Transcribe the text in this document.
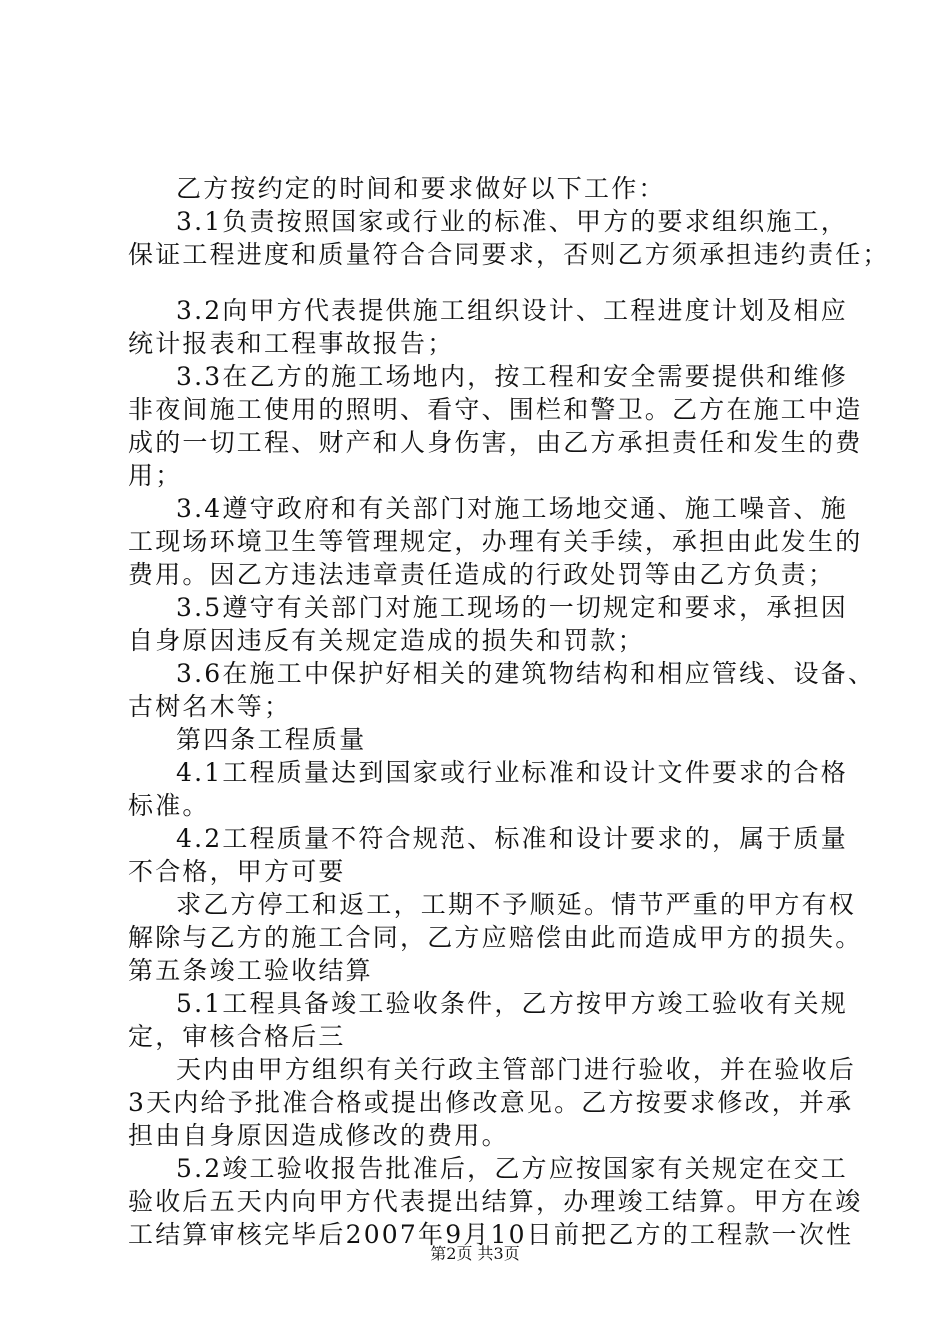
乙方按约定的时间和要求做好以下工作：
3.1负责按照国家或行业的标准、甲方的要求组织施工，
保证工程进度和质量符合合同要求，否则乙方须承担违约责任；
3.2向甲方代表提供施工组织设计、工程进度计划及相应
统计报表和工程事故报告；
3.3在乙方的施工场地内，按工程和安全需要提供和维修
非夜间施工使用的照明、看守、围栏和警卫。乙方在施工中造
成的一切工程、财产和人身伤害，由乙方承担责任和发生的费
用；
3.4遵守政府和有关部门对施工场地交通、施工噪音、施
工现场环境卫生等管理规定，办理有关手续，承担由此发生的
费用。因乙方违法违章责任造成的行政处罚等由乙方负责；
3.5遵守有关部门对施工现场的一切规定和要求，承担因
自身原因违反有关规定造成的损失和罚款；
3.6在施工中保护好相关的建筑物结构和相应管线、设备、
古树名木等；
第四条工程质量
4.1工程质量达到国家或行业标准和设计文件要求的合格
标准。
4.2工程质量不符合规范、标准和设计要求的，属于质量
不合格，甲方可要
求乙方停工和返工，工期不予顺延。情节严重的甲方有权
解除与乙方的施工合同，乙方应赔偿由此而造成甲方的损失。
第五条竣工验收结算
5.1工程具备竣工验收条件，乙方按甲方竣工验收有关规
定，审核合格后三
天内由甲方组织有关行政主管部门进行验收，并在验收后
3天内给予批准合格或提出修改意见。乙方按要求修改，并承
担由自身原因造成修改的费用。
5.2竣工验收报告批准后，乙方应按国家有关规定在交工
验收后五天内向甲方代表提出结算，办理竣工结算。甲方在竣
工结算审核完毕后2007年9月10日前把乙方的工程款一次性
第2页 共3页
